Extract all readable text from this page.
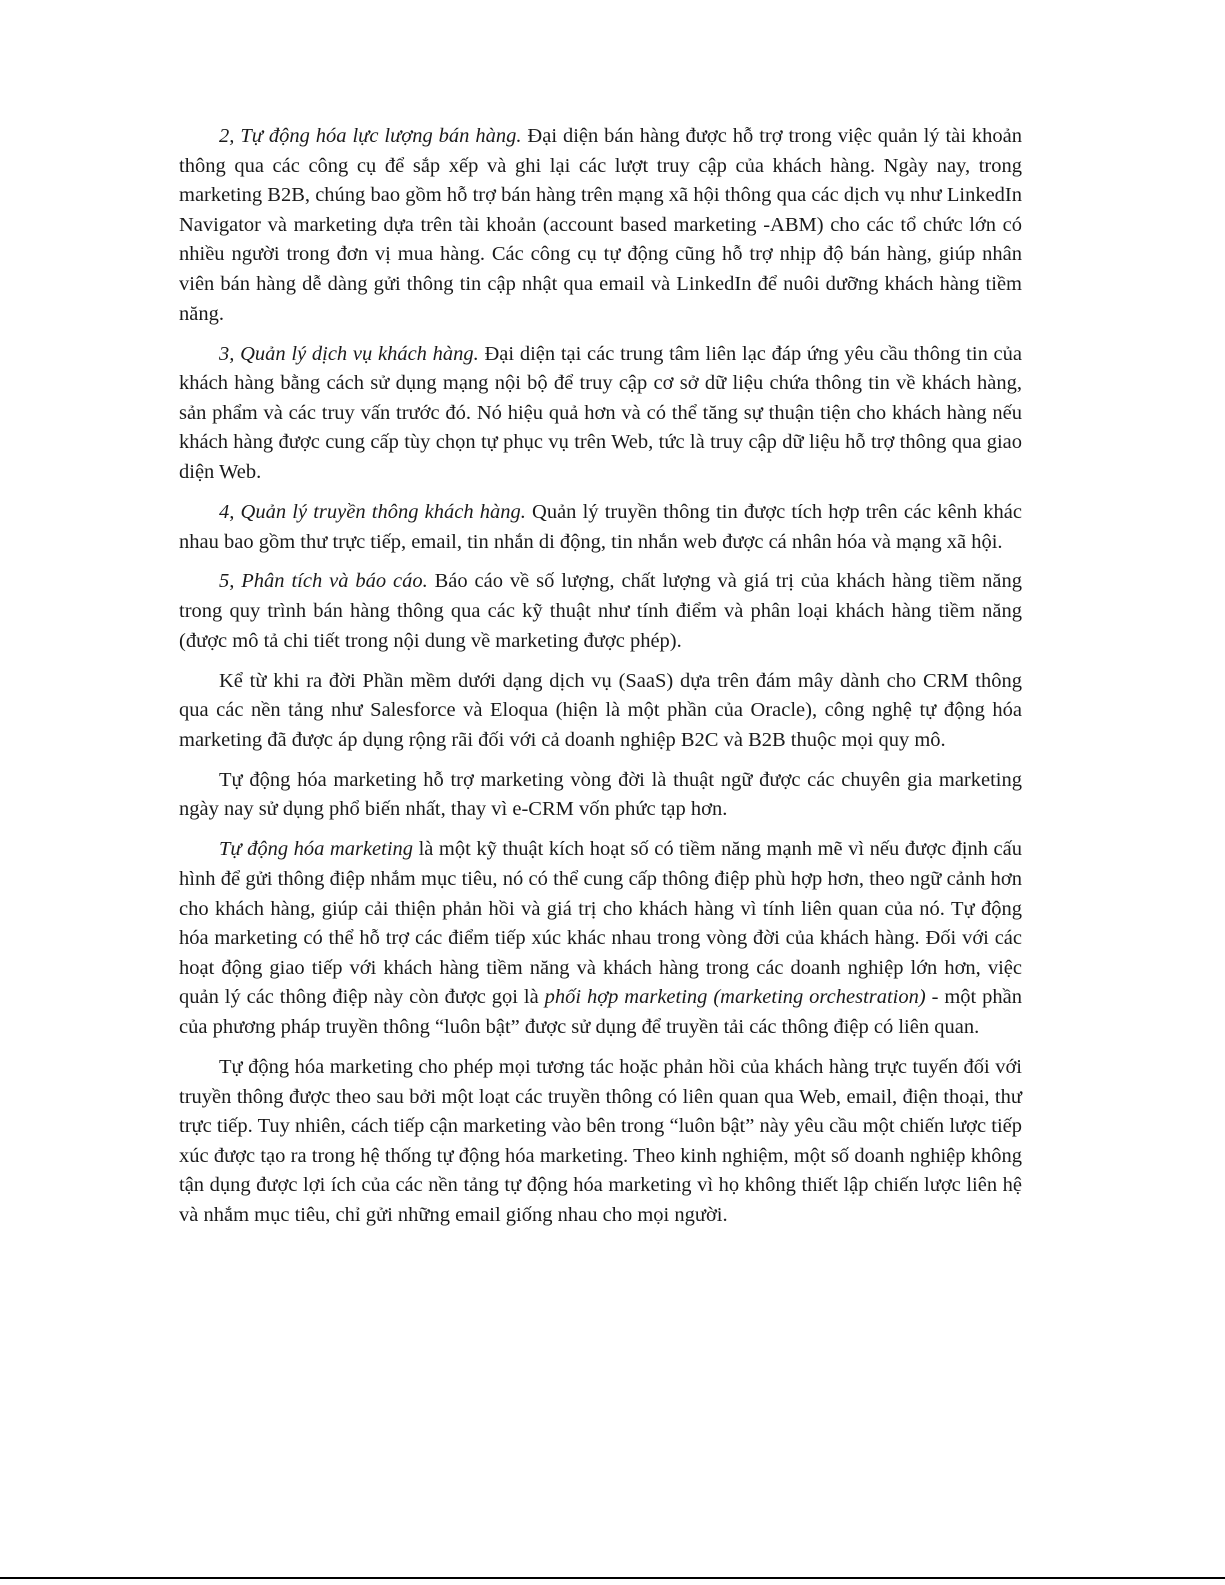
2, Tự động hóa lực lượng bán hàng. Đại diện bán hàng được hỗ trợ trong việc quản lý tài khoản thông qua các công cụ để sắp xếp và ghi lại các lượt truy cập của khách hàng. Ngày nay, trong marketing B2B, chúng bao gồm hỗ trợ bán hàng trên mạng xã hội thông qua các dịch vụ như LinkedIn Navigator và marketing dựa trên tài khoản (account based marketing -ABM) cho các tổ chức lớn có nhiều người trong đơn vị mua hàng. Các công cụ tự động cũng hỗ trợ nhịp độ bán hàng, giúp nhân viên bán hàng dễ dàng gửi thông tin cập nhật qua email và LinkedIn để nuôi dưỡng khách hàng tiềm năng.

3, Quản lý dịch vụ khách hàng. Đại diện tại các trung tâm liên lạc đáp ứng yêu cầu thông tin của khách hàng bằng cách sử dụng mạng nội bộ để truy cập cơ sở dữ liệu chứa thông tin về khách hàng, sản phẩm và các truy vấn trước đó. Nó hiệu quả hơn và có thể tăng sự thuận tiện cho khách hàng nếu khách hàng được cung cấp tùy chọn tự phục vụ trên Web, tức là truy cập dữ liệu hỗ trợ thông qua giao diện Web.

4, Quản lý truyền thông khách hàng. Quản lý truyền thông tin được tích hợp trên các kênh khác nhau bao gồm thư trực tiếp, email, tin nhắn di động, tin nhắn web được cá nhân hóa và mạng xã hội.

5, Phân tích và báo cáo. Báo cáo về số lượng, chất lượng và giá trị của khách hàng tiềm năng trong quy trình bán hàng thông qua các kỹ thuật như tính điểm và phân loại khách hàng tiềm năng (được mô tả chi tiết trong nội dung về marketing được phép).

Kể từ khi ra đời Phần mềm dưới dạng dịch vụ (SaaS) dựa trên đám mây dành cho CRM thông qua các nền tảng như Salesforce và Eloqua (hiện là một phần của Oracle), công nghệ tự động hóa marketing đã được áp dụng rộng rãi đối với cả doanh nghiệp B2C và B2B thuộc mọi quy mô.

Tự động hóa marketing hỗ trợ marketing vòng đời là thuật ngữ được các chuyên gia marketing ngày nay sử dụng phổ biến nhất, thay vì e-CRM vốn phức tạp hơn.

Tự động hóa marketing là một kỹ thuật kích hoạt số có tiềm năng mạnh mẽ vì nếu được định cấu hình để gửi thông điệp nhắm mục tiêu, nó có thể cung cấp thông điệp phù hợp hơn, theo ngữ cảnh hơn cho khách hàng, giúp cải thiện phản hồi và giá trị cho khách hàng vì tính liên quan của nó. Tự động hóa marketing có thể hỗ trợ các điểm tiếp xúc khác nhau trong vòng đời của khách hàng. Đối với các hoạt động giao tiếp với khách hàng tiềm năng và khách hàng trong các doanh nghiệp lớn hơn, việc quản lý các thông điệp này còn được gọi là phối hợp marketing (marketing orchestration) - một phần của phương pháp truyền thông “luôn bật” được sử dụng để truyền tải các thông điệp có liên quan.

Tự động hóa marketing cho phép mọi tương tác hoặc phản hồi của khách hàng trực tuyến đối với truyền thông được theo sau bởi một loạt các truyền thông có liên quan qua Web, email, điện thoại, thư trực tiếp. Tuy nhiên, cách tiếp cận marketing vào bên trong “luôn bật” này yêu cầu một chiến lược tiếp xúc được tạo ra trong hệ thống tự động hóa marketing. Theo kinh nghiệm, một số doanh nghiệp không tận dụng được lợi ích của các nền tảng tự động hóa marketing vì họ không thiết lập chiến lược liên hệ và nhắm mục tiêu, chỉ gửi những email giống nhau cho mọi người.
